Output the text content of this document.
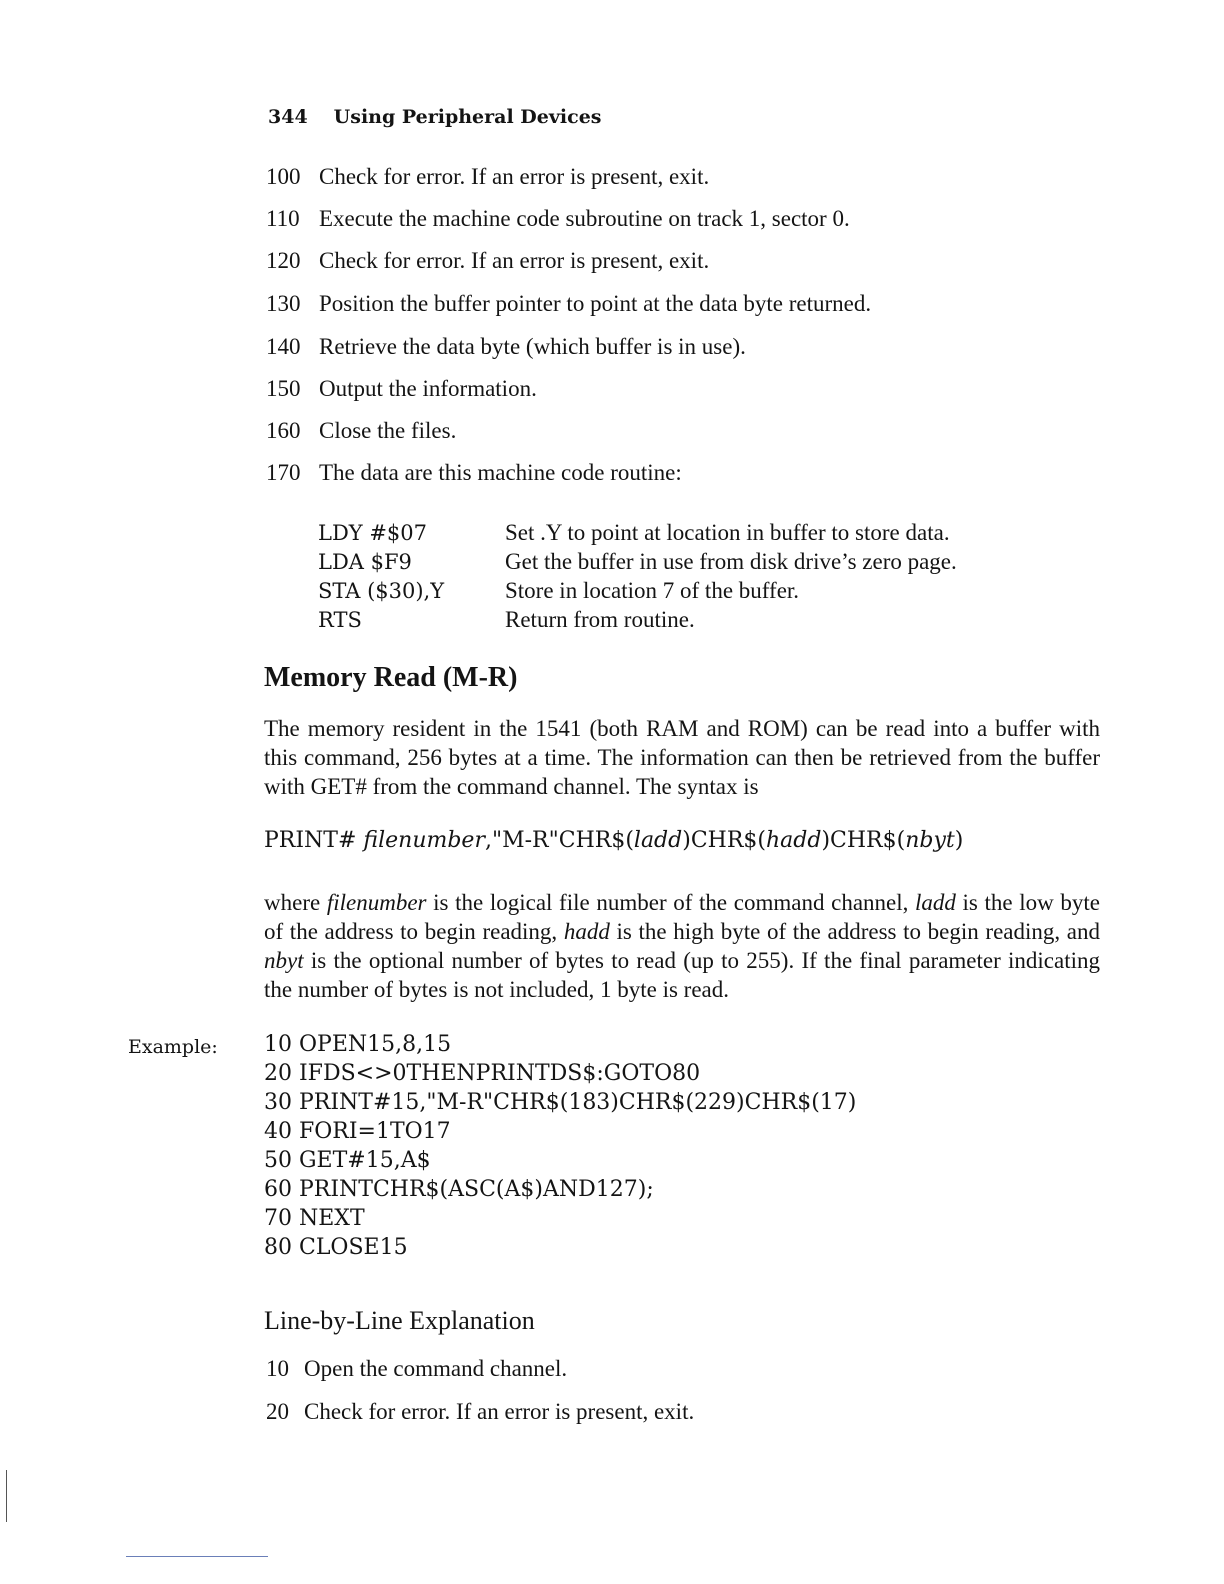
344 Using Peripheral Devices
100 Check for error. If an error is present, exit.
110 Execute the machine code subroutine on track 1, sector 0.
120 Check for error. If an error is present, exit.
130 Position the buffer pointer to point at the data byte returned.
140 Retrieve the data byte (which buffer is in use).
150 Output the information.
160 Close the files.
170 The data are this machine code routine:
LDY #$07	Set .Y to point at location in buffer to store data.
LDA $F9	Get the buffer in use from disk drive’s zero page.
STA ($30),Y	Store in location 7 of the buffer.
RTS	Return from routine.
Memory Read (M-R)
The memory resident in the 1541 (both RAM and ROM) can be read into a buffer with this command, 256 bytes at a time. The information can then be retrieved from the buffer with GET# from the command channel. The syntax is
PRINT# filenumber,"M-R"CHR$(ladd)CHR$(hadd)CHR$(nbyt)
where filenumber is the logical file number of the command channel, ladd is the low byte of the address to begin reading, hadd is the high byte of the address to begin reading, and nbyt is the optional number of bytes to read (up to 255). If the final parameter indicating the number of bytes is not included, 1 byte is read.
Example: 10 OPEN15,8,15
20 IFDS<>0THENPRINTDS$:GOTO80
30 PRINT#15,"M-R"CHR$(183)CHR$(229)CHR$(17)
40 FORI=1TO17
50 GET#15,A$
60 PRINTCHR$(ASC(A$)AND127);
70 NEXT
80 CLOSE15
Line-by-Line Explanation
10 Open the command channel.
20 Check for error. If an error is present, exit.
